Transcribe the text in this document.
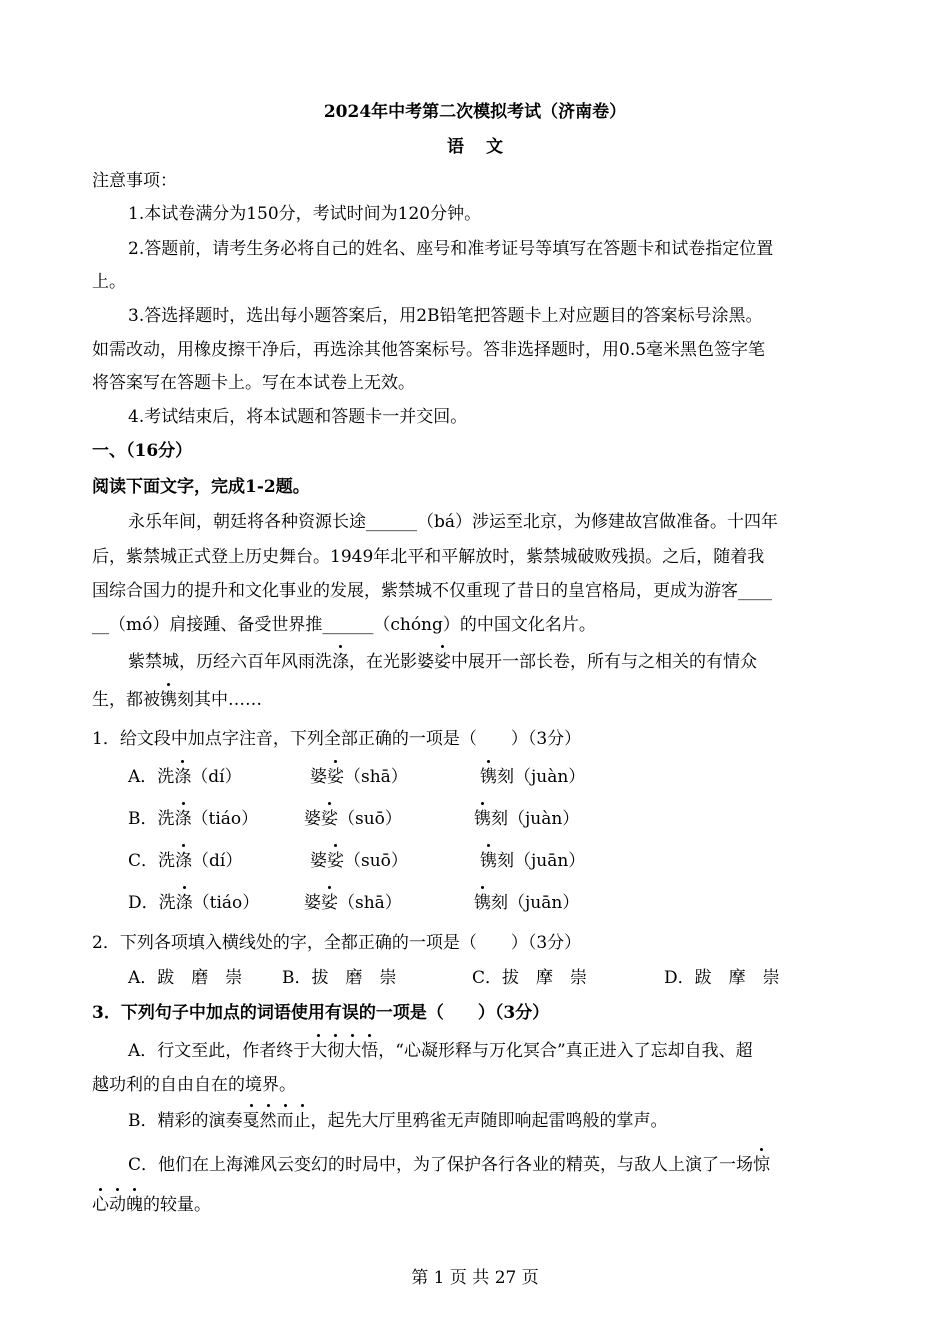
2024年中考第二次模拟考试（济南卷）
语 文
注意事项：
1.本试卷满分为150分，考试时间为120分钟。
2.答题前，请考生务必将自己的姓名、座号和准考证号等填写在答题卡和试卷指定位置
上。
3.答选择题时，选出每小题答案后，用2B铅笔把答题卡上对应题目的答案标号涂黑。
如需改动，用橡皮擦干净后，再选涂其他答案标号。答非选择题时，用0.5毫米黑色签字笔
将答案写在答题卡上。写在本试卷上无效。
4.考试结束后，将本试题和答题卡一并交回。
一、（16分）
阅读下面文字，完成1-2题。
永乐年间，朝廷将各种资源长途______（bá）涉运至北京，为修建故宫做准备。十四年
后，紫禁城正式登上历史舞台。1949年北平和平解放时，紫禁城破败残损。之后，随着我
国综合国力的提升和文化事业的发展，紫禁城不仅重现了昔日的皇宫格局，更成为游客____
__（mó）肩接踵、备受世界推______（chóng）的中国文化名片。
紫禁城，历经六百年风雨洗涤，在光影婆娑中展开一部长卷，所有与之相关的有情众
生，都被镌刻其中……
1．给文段中加点字注音，下列全部正确的一项是（　　）（3分）
A．洗涤（dí）	婆娑（shā）	镌刻（juàn）
B．洗涤（tiáo）	婆娑（suō）	镌刻（juàn）
C．洗涤（dí）	婆娑（suō）	镌刻（juān）
D．洗涤（tiáo）	婆娑（shā）	镌刻（juān）
2．下列各项填入横线处的字，全都正确的一项是（　　）（3分）
A．跋　磨　崇 B．拔　磨　崇	C．拔　摩　崇	D．跋　摩　崇
3．下列句子中加点的词语使用有误的一项是（　　）（3分）
A．行文至此，作者终于大彻大悟，“心凝形释与万化冥合”真正进入了忘却自我、超
越功利的自由自在的境界。
B．精彩的演奏戛然而止，起先大厅里鸦雀无声随即响起雷鸣般的掌声。
C．他们在上海滩风云变幻的时局中，为了保护各行各业的精英，与敌人上演了一场惊
心动魄的较量。
第 1 页 共 27 页
